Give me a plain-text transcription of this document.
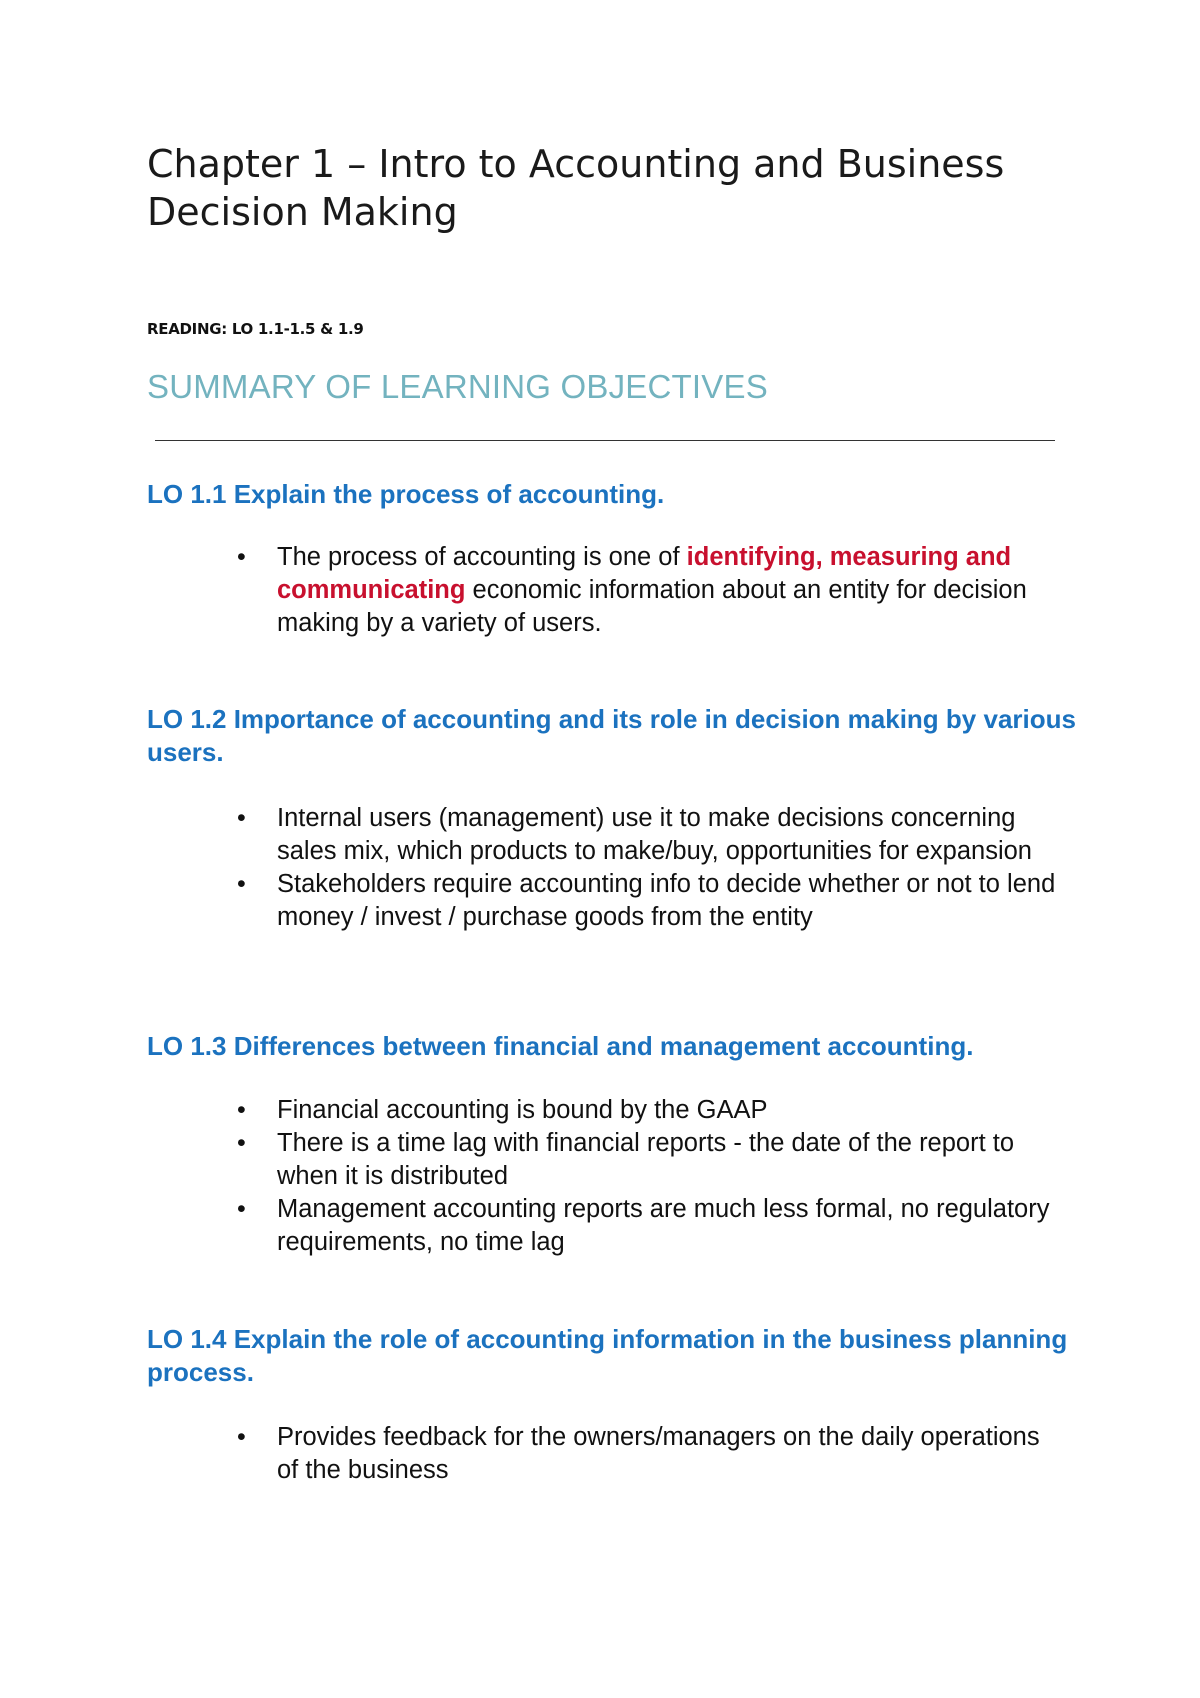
Chapter 1 – Intro to Accounting and Business Decision Making
READING: LO 1.1-1.5 & 1.9
SUMMARY OF LEARNING OBJECTIVES
LO 1.1 Explain the process of accounting.
• The process of accounting is one of identifying, measuring and communicating economic information about an entity for decision making by a variety of users.
LO 1.2 Importance of accounting and its role in decision making by various users.
• Internal users (management) use it to make decisions concerning sales mix, which products to make/buy, opportunities for expansion
• Stakeholders require accounting info to decide whether or not to lend money / invest / purchase goods from the entity
LO 1.3 Differences between financial and management accounting.
• Financial accounting is bound by the GAAP
• There is a time lag with financial reports - the date of the report to when it is distributed
• Management accounting reports are much less formal, no regulatory requirements, no time lag
LO 1.4 Explain the role of accounting information in the business planning process.
• Provides feedback for the owners/managers on the daily operations of the business
